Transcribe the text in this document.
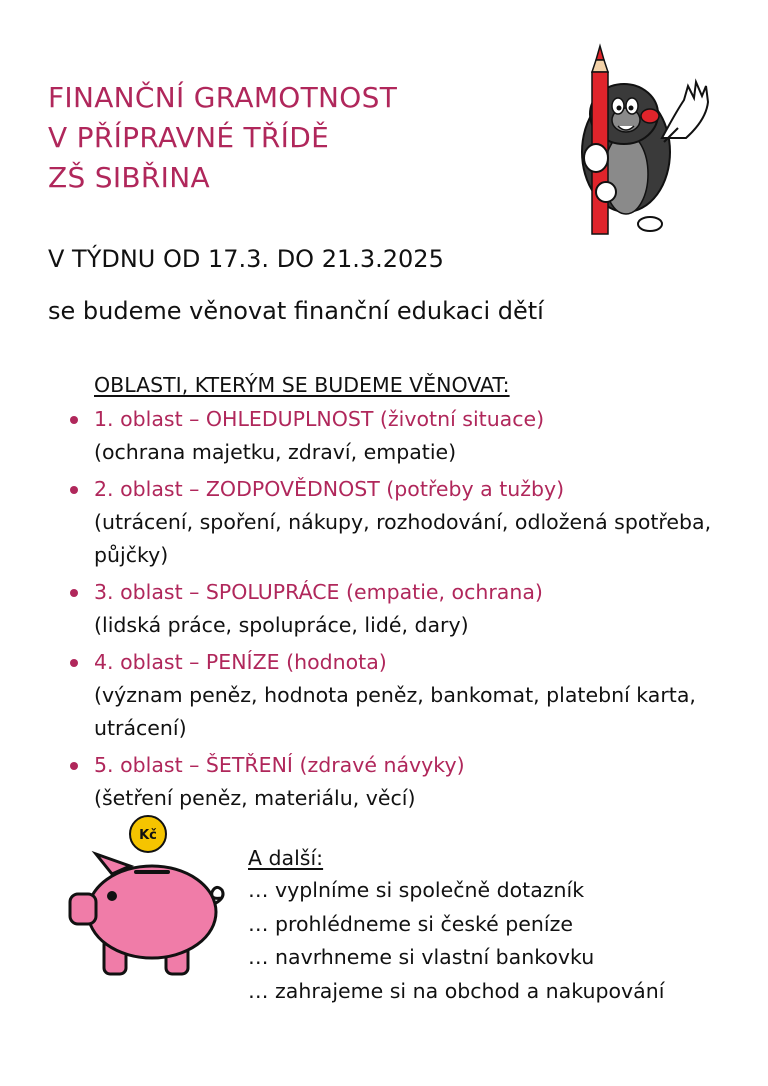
FINANČNÍ GRAMOTNOST
V PŘÍPRAVNÉ TŘÍDĚ
ZŠ SIBŘINA
V TÝDNU OD 17.3. DO 21.3.2025
se budeme věnovat finanční edukaci dětí
OBLASTI, KTERÝM SE BUDEME VĚNOVAT:
1. oblast – OHLEDUPLNOST (životní situace)
(ochrana majetku, zdraví, empatie)
2. oblast – ZODPOVĚDNOST (potřeby a tužby)
(utrácení, spoření, nákupy, rozhodování, odložená spotřeba, půjčky)
3. oblast – SPOLUPRÁCE (empatie, ochrana)
(lidská práce, spolupráce, lidé, dary)
4. oblast – PENÍZE (hodnota)
(význam peněz, hodnota peněz, bankomat, platební karta, utrácení)
5. oblast – ŠETŘENÍ (zdravé návyky)
(šetření peněz, materiálu, věcí)
Kč
A další:
… vyplníme si společně dotazník
… prohlédneme si české peníze
… navrhneme si vlastní bankovku
… zahrajeme si na obchod a nakupování
